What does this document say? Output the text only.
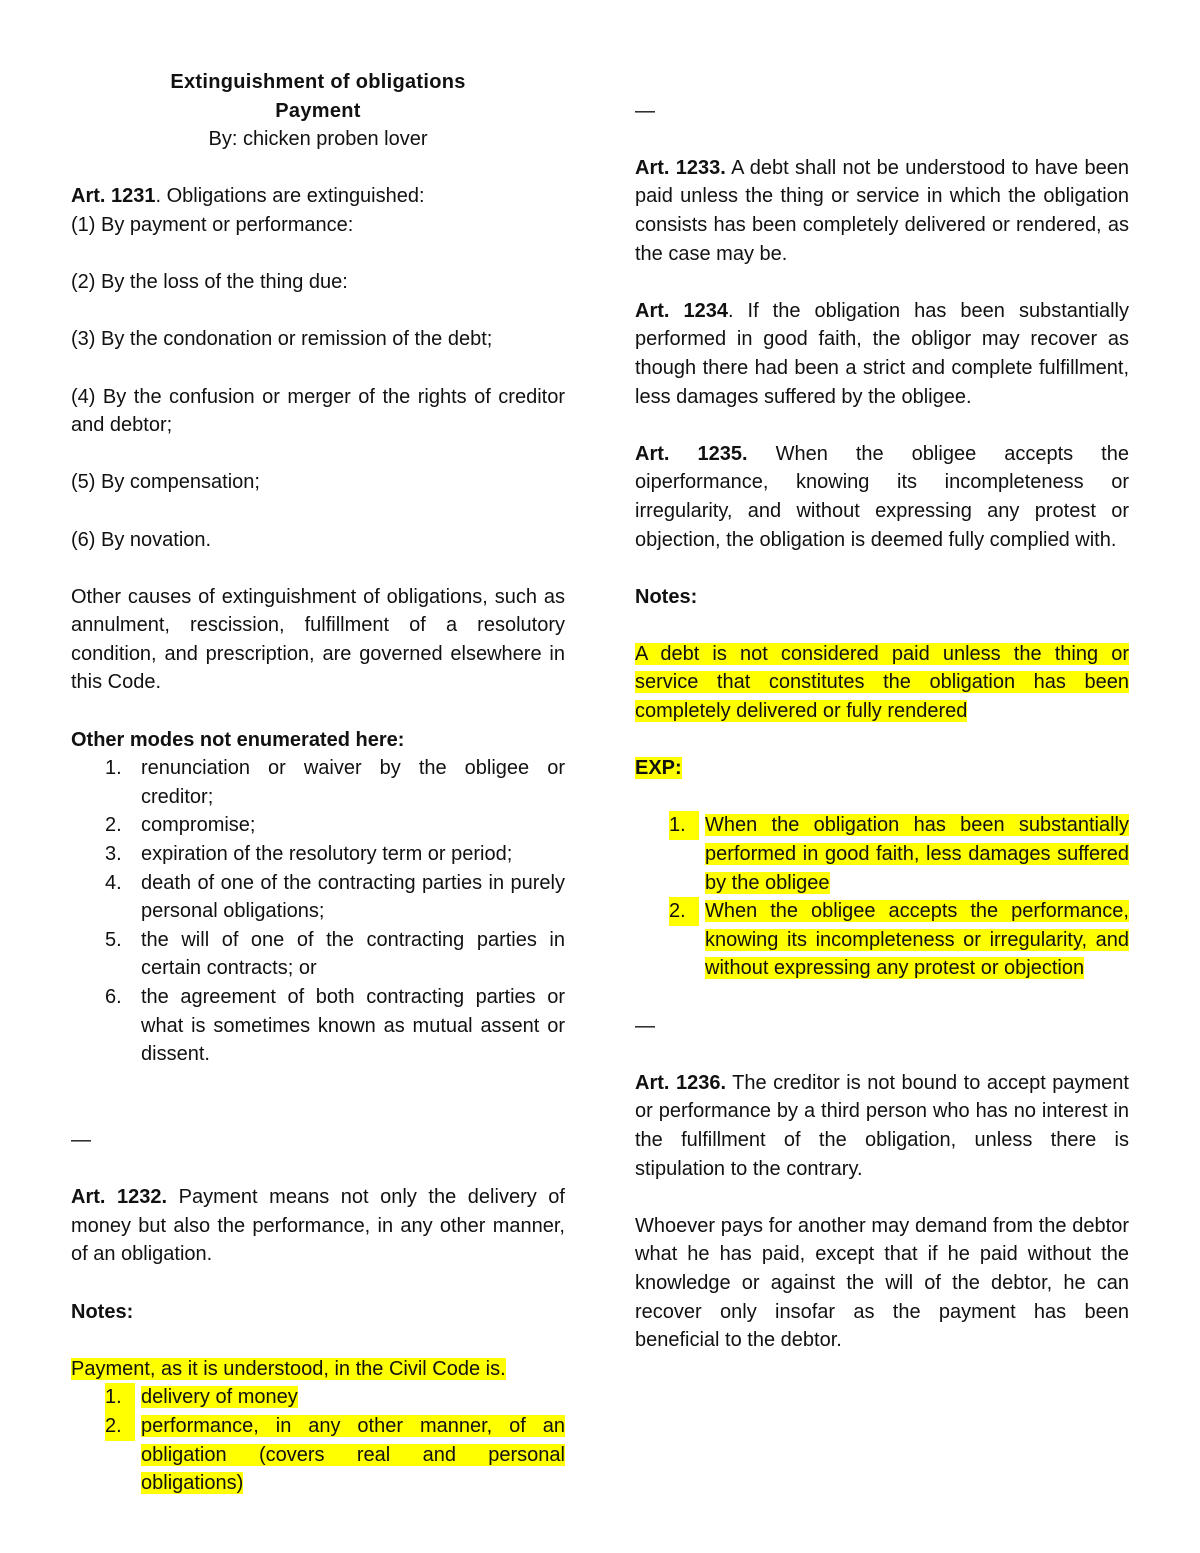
Extinguishment of obligations
Payment

By: chicken proben lover

Art. 1231. Obligations are extinguished:

(1) By payment or performance:

(2) By the loss of the thing due:

(3) By the condonation or remission of the debt;

(4) By the confusion or merger of the rights of creditor and debtor;

(5) By compensation;

(6) By novation.

Other causes of extinguishment of obligations, such as annulment, rescission, fulfillment of a resolutory condition, and prescription, are governed elsewhere in this Code.

Other modes not enumerated here:
1. renunciation or waiver by the obligee or creditor;
2. compromise;
3. expiration of the resolutory term or period;
4. death of one of the contracting parties in purely personal obligations;
5. the will of one of the contracting parties in certain contracts; or
6. the agreement of both contracting parties or what is sometimes known as mutual assent or dissent.

—

Art. 1232. Payment means not only the delivery of money but also the performance, in any other manner, of an obligation.

Notes:

Payment, as it is understood, in the Civil Code is.
1. delivery of money
2. performance, in any other manner, of an obligation (covers real and personal obligations)

—

Art. 1233. A debt shall not be understood to have been paid unless the thing or service in which the obligation consists has been completely delivered or rendered, as the case may be.

Art. 1234. If the obligation has been substantially performed in good faith, the obligor may recover as though there had been a strict and complete fulfillment, less damages suffered by the obligee.

Art. 1235. When the obligee accepts the oiperformance, knowing its incompleteness or irregularity, and without expressing any protest or objection, the obligation is deemed fully complied with.

Notes:

A debt is not considered paid unless the thing or service that constitutes the obligation has been completely delivered or fully rendered

EXP:

1. When the obligation has been substantially performed in good faith, less damages suffered by the obligee
2. When the obligee accepts the performance, knowing its incompleteness or irregularity, and without expressing any protest or objection

—

Art. 1236. The creditor is not bound to accept payment or performance by a third person who has no interest in the fulfillment of the obligation, unless there is stipulation to the contrary.

Whoever pays for another may demand from the debtor what he has paid, except that if he paid without the knowledge or against the will of the debtor, he can recover only insofar as the payment has been beneficial to the debtor.
